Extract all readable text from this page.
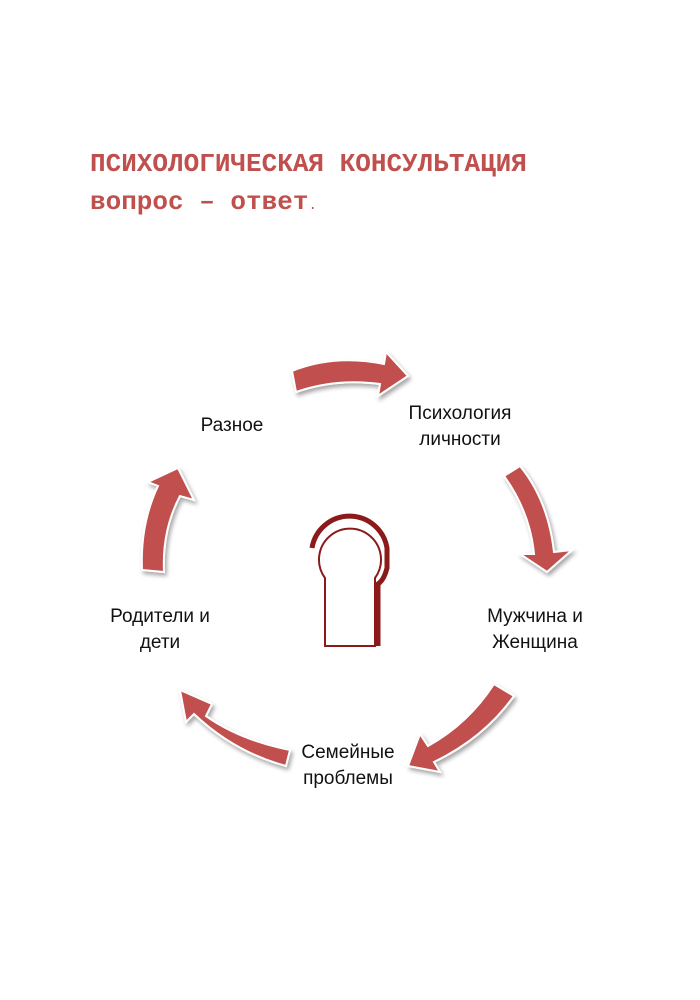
ПСИХОЛОГИЧЕСКАЯ КОНСУЛЬТАЦИЯ
вопрос – ответ.
Разное
Психология
личности
Мужчина и
Женщина
Семейные
проблемы
Родители и
дети
